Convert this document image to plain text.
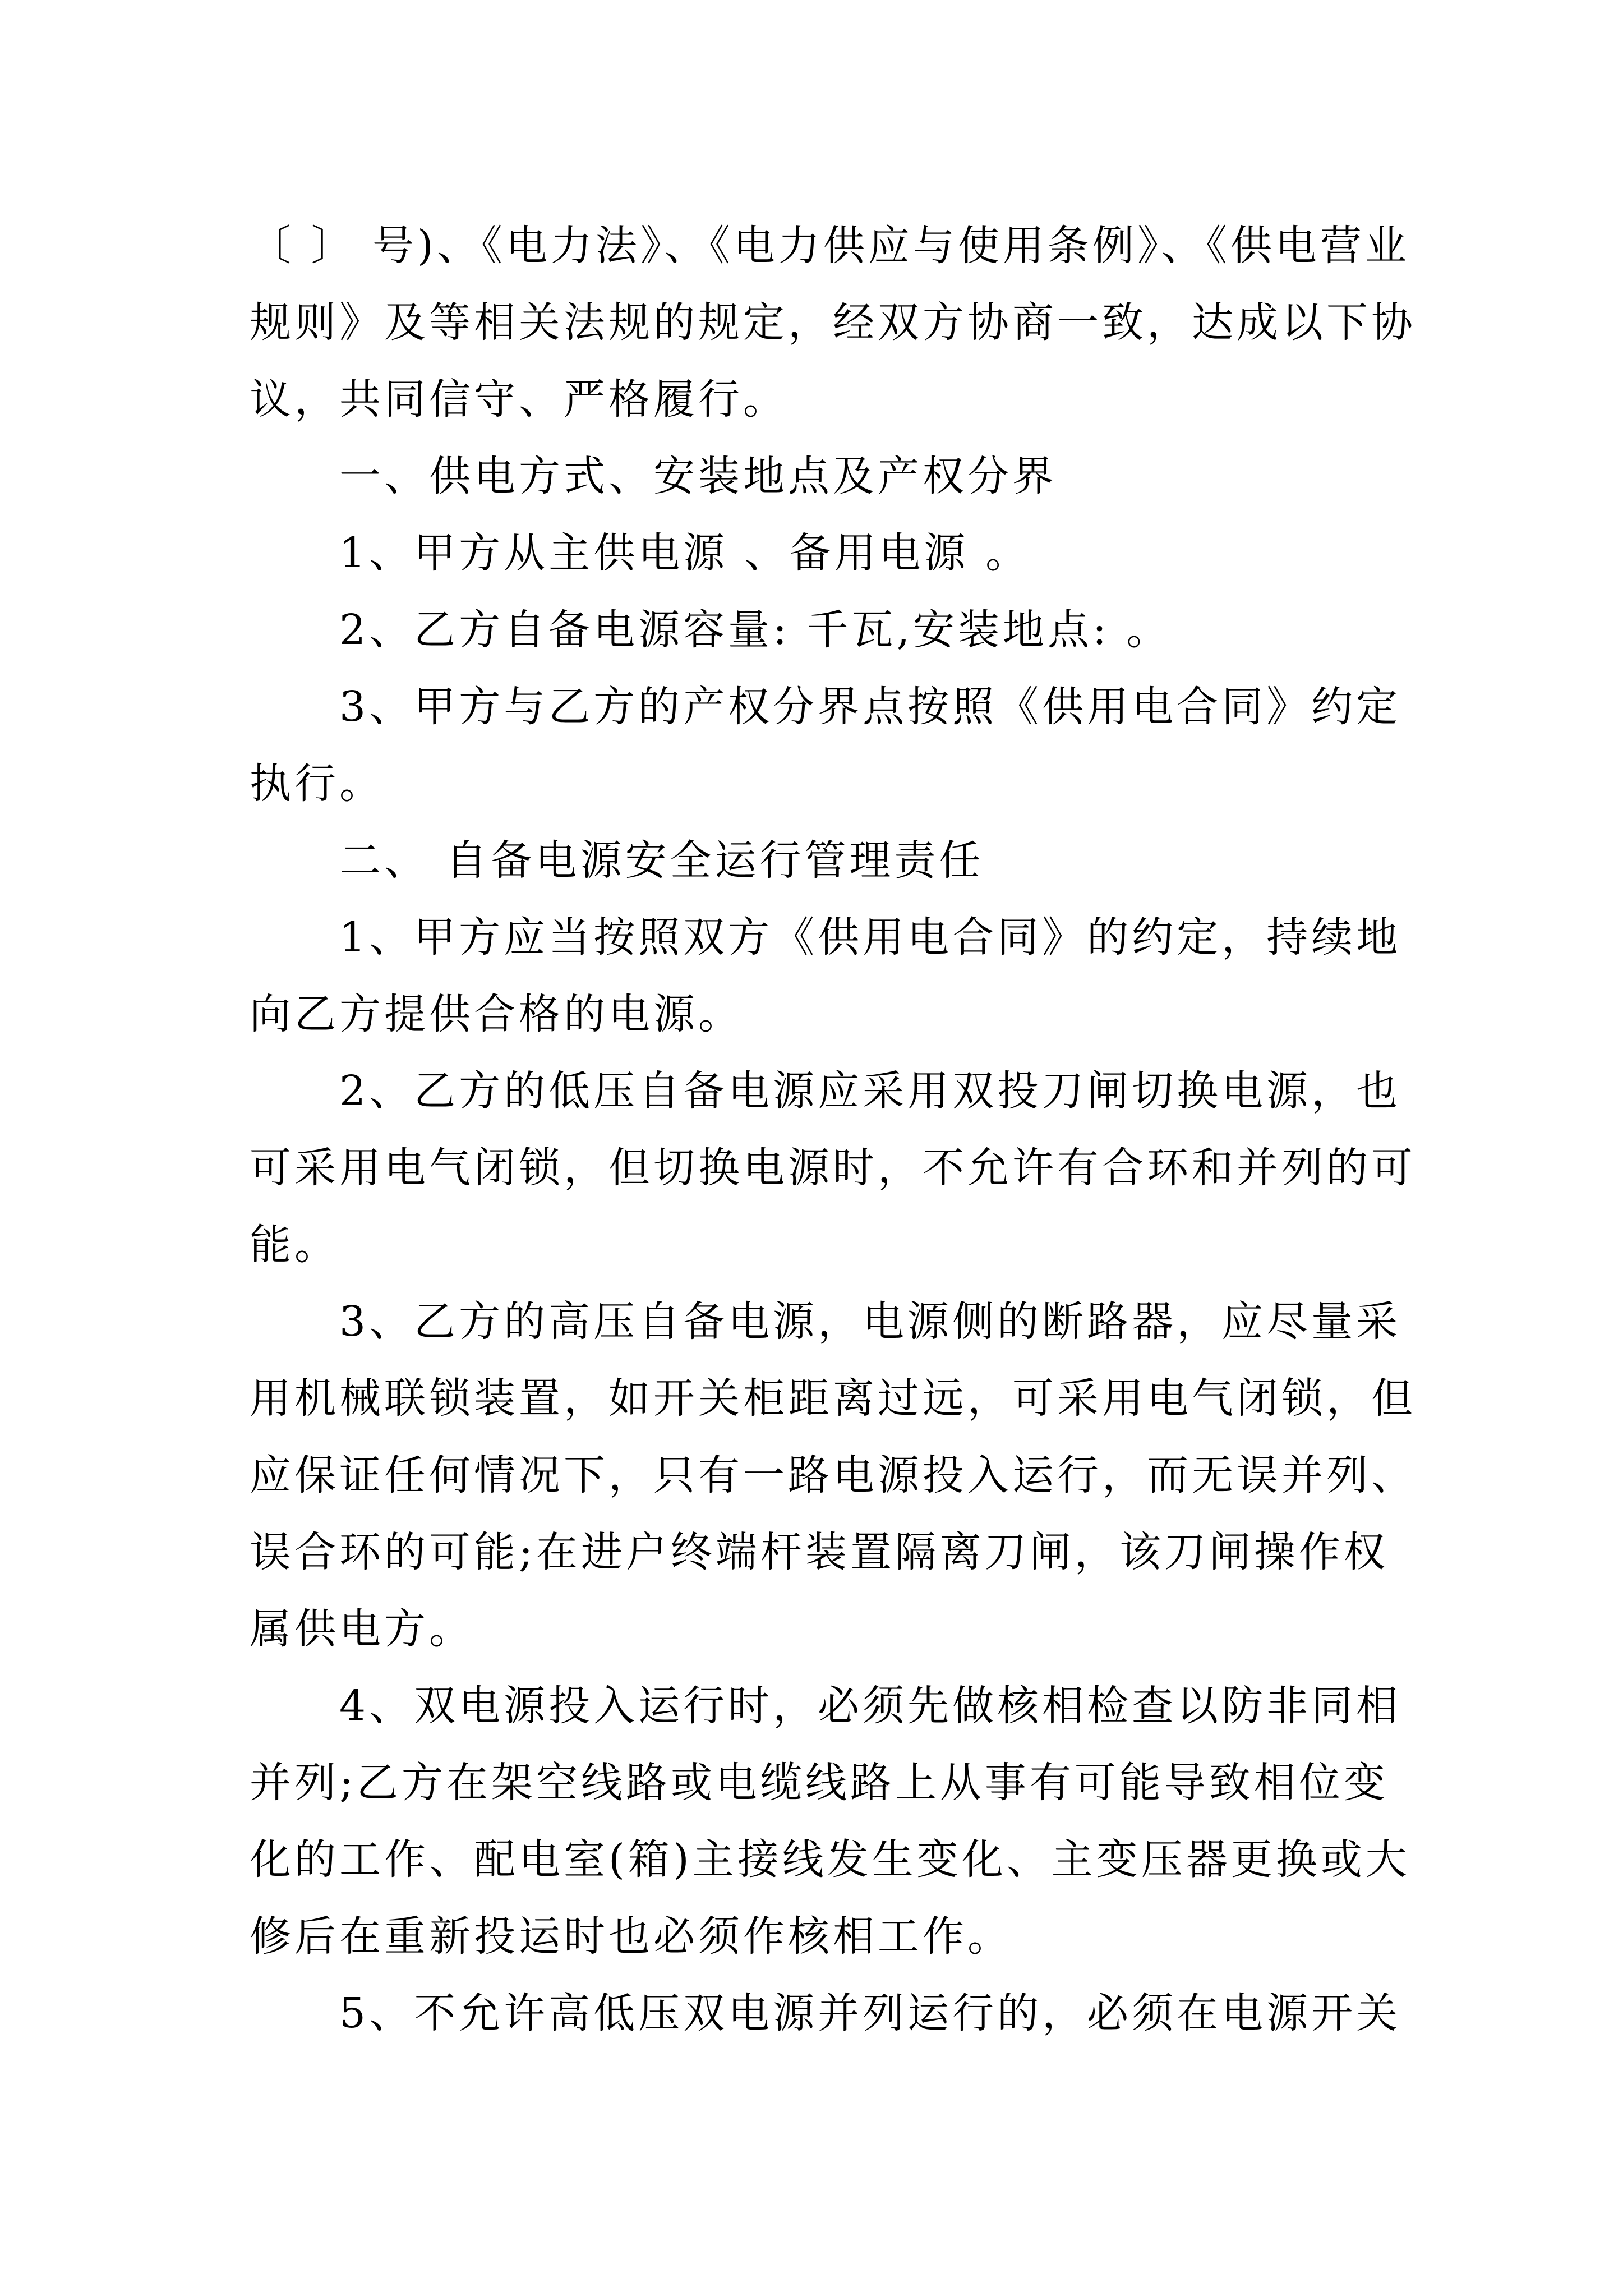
〔 〕 号)、《电力法》、《电力供应与使用条例》、《供电营业
规则》及等相关法规的规定，经双方协商一致，达成以下协
议，共同信守、严格履行。
一、供电方式、安装地点及产权分界
1、甲方从主供电源 、备用电源 。
2、乙方自备电源容量: 千瓦,安装地点: 。
3、甲方与乙方的产权分界点按照《供用电合同》约定
执行。
二、 自备电源安全运行管理责任
1、甲方应当按照双方《供用电合同》的约定，持续地
向乙方提供合格的电源。
2、乙方的低压自备电源应采用双投刀闸切换电源，也
可采用电气闭锁，但切换电源时，不允许有合环和并列的可
能。
3、乙方的高压自备电源，电源侧的断路器，应尽量采
用机械联锁装置，如开关柜距离过远，可采用电气闭锁，但
应保证任何情况下，只有一路电源投入运行，而无误并列、
误合环的可能;在进户终端杆装置隔离刀闸，该刀闸操作权
属供电方。
4、双电源投入运行时，必须先做核相检查以防非同相
并列;乙方在架空线路或电缆线路上从事有可能导致相位变
化的工作、配电室(箱)主接线发生变化、主变压器更换或大
修后在重新投运时也必须作核相工作。
5、不允许高低压双电源并列运行的，必须在电源开关
